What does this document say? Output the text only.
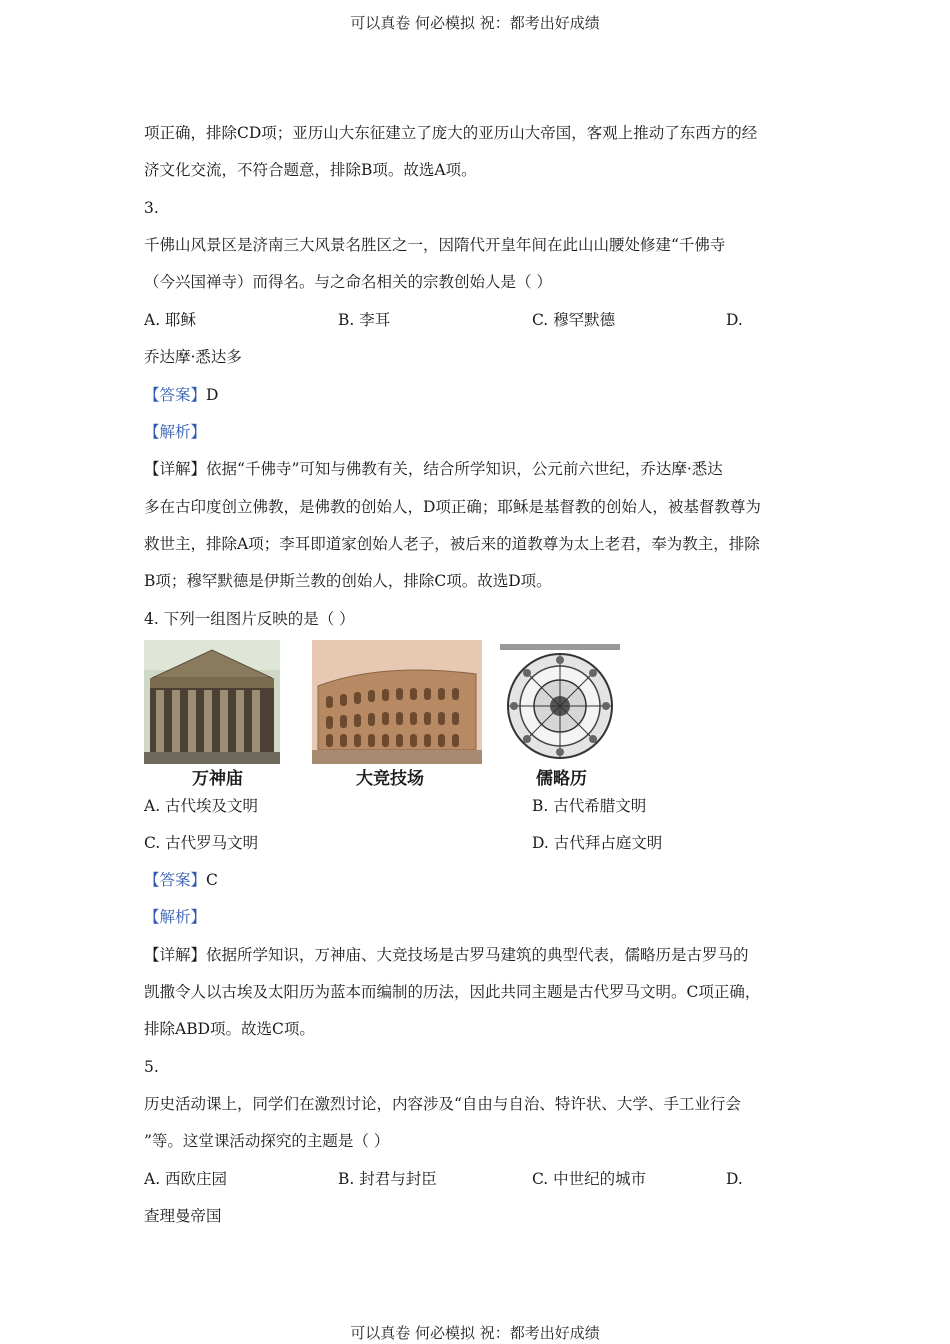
可以真卷 何必模拟 祝：都考出好成绩
项正确，排除CD项；亚历山大东征建立了庞大的亚历山大帝国，客观上推动了东西方的经
济文化交流，不符合题意，排除B项。故选A项。
3.
千佛山风景区是济南三大风景名胜区之一，因隋代开皇年间在此山山腰处修建“千佛寺
（今兴国禅寺）而得名。与之命名相关的宗教创始人是（ ）
A. 耶稣	B. 李耳	C. 穆罕默德	D.
乔达摩·悉达多
【答案】D
【解析】
【详解】依据“千佛寺”可知与佛教有关，结合所学知识，公元前六世纪，乔达摩·悉达
多在古印度创立佛教，是佛教的创始人，D项正确；耶稣是基督教的创始人，被基督教尊为
救世主，排除A项；李耳即道家创始人老子，被后来的道教尊为太上老君，奉为教主，排除
B项；穆罕默德是伊斯兰教的创始人，排除C项。故选D项。
4. 下列一组图片反映的是（ ）
万神庙	大竞技场	儒略历
A. 古代埃及文明	B. 古代希腊文明
C. 古代罗马文明	D. 古代拜占庭文明
【答案】C
【解析】
【详解】依据所学知识，万神庙、大竞技场是古罗马建筑的典型代表，儒略历是古罗马的
凯撒令人以古埃及太阳历为蓝本而编制的历法，因此共同主题是古代罗马文明。C项正确，
排除ABD项。故选C项。
5.
历史活动课上，同学们在激烈讨论，内容涉及“自由与自治、特许状、大学、手工业行会
”等。这堂课活动探究的主题是（ ）
A. 西欧庄园	B. 封君与封臣	C. 中世纪的城市	D.
查理曼帝国
可以真卷 何必模拟 祝：都考出好成绩
